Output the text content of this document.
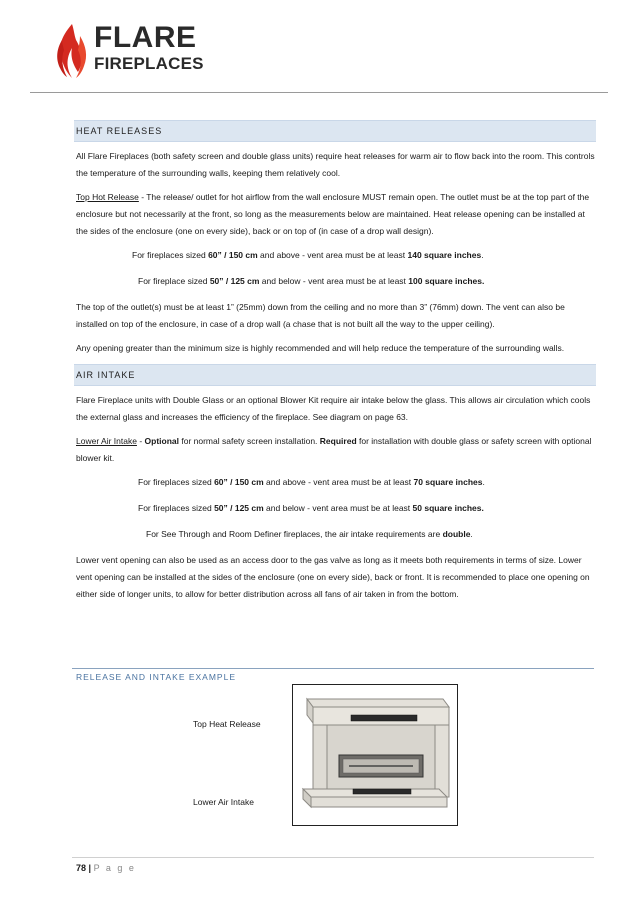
FLARE
FIREPLACES
HEAT RELEASES

All Flare Fireplaces (both safety screen and double glass units) require heat releases for warm air to flow back into the room. This controls the temperature of the surrounding walls, keeping them relatively cool.

Top Hot Release - The release/ outlet for hot airflow from the wall enclosure MUST remain open. The outlet must be at the top part of the enclosure but not necessarily at the front, so long as the measurements below are maintained. Heat release opening can be installed at the sides of the enclosure (one on every side), back or on top of (in case of a drop wall design).

For fireplaces sized 60” / 150 cm and above - vent area must be at least 140 square inches.

For fireplace sized 50” / 125 cm and below - vent area must be at least 100 square inches.

The top of the outlet(s) must be at least 1” (25mm) down from the ceiling and no more than 3” (76mm) down. The vent can also be installed on top of the enclosure, in case of a drop wall (a chase that is not built all the way to the upper ceiling).

Any opening greater than the minimum size is highly recommended and will help reduce the temperature of the surrounding walls.

AIR INTAKE

Flare Fireplace units with Double Glass or an optional Blower Kit require air intake below the glass. This allows air circulation which cools the external glass and increases the efficiency of the fireplace. See diagram on page 63.

Lower Air Intake - Optional for normal safety screen installation. Required for installation with double glass or safety screen with optional blower kit.

For fireplaces sized 60” / 150 cm and above - vent area must be at least 70 square inches.

For fireplaces sized 50” / 125 cm and below - vent area must be at least 50 square inches.

For See Through and Room Definer fireplaces, the air intake requirements are double.

Lower vent opening can also be used as an access door to the gas valve as long as it meets both requirements in terms of size. Lower vent opening can be installed at the sides of the enclosure (one on every side), back or front. It is recommended to place one opening on either side of longer units, to allow for better distribution across all fans of air taken in from the bottom.

RELEASE AND INTAKE EXAMPLE
Top Heat Release
Lower Air Intake
78 | P a g e
